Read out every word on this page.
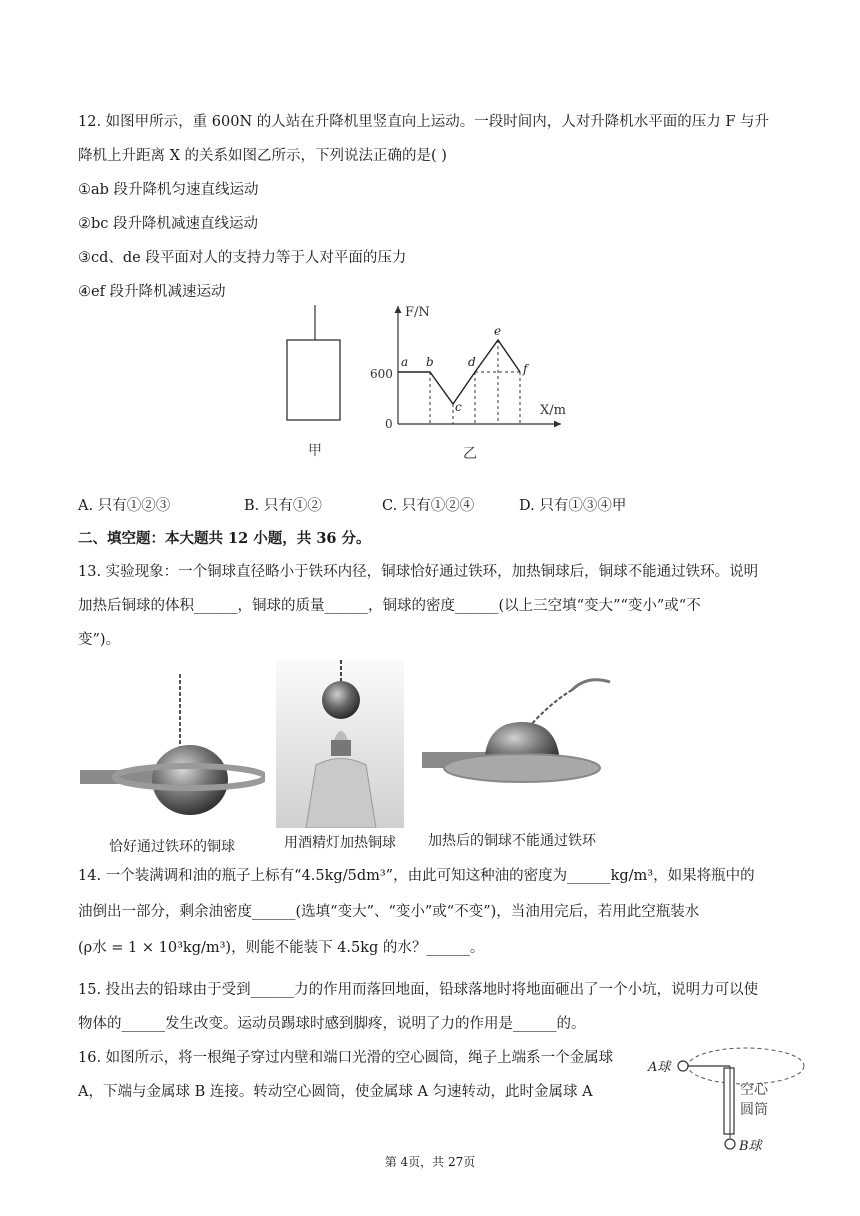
12. 如图甲所示，重 600N 的人站在升降机里竖直向上运动。一段时间内，人对升降机水平面的压力 F 与升
降机上升距离 X 的关系如图乙所示，下列说法正确的是( )
①ab 段升降机匀速直线运动
②bc 段升降机减速直线运动
③cd、de 段平面对人的支持力等于人对平面的压力
④ef 段升降机减速运动
甲
F/N
X/m
600
0
a b
c
d
e
f
乙
A. 只有①②③	B. 只有①②	C. 只有①②④	D. 只有①③④甲
二、填空题：本大题共 12 小题，共 36 分。
13. 实验现象：一个铜球直径略小于铁环内径，铜球恰好通过铁环，加热铜球后，铜球不能通过铁环。说明
加热后铜球的体积______，铜球的质量______，铜球的密度______(以上三空填“变大”“变小”或“不
变”)。
恰好通过铁环的铜球	用酒精灯加热铜球 加热后的铜球不能通过铁环
14. 一个装满调和油的瓶子上标有“4.5kg/5dm³”，由此可知这种油的密度为______kg/m³，如果将瓶中的
油倒出一部分，剩余油密度______(选填“变大”、“变小”或“不变”)，当油用完后，若用此空瓶装水
(ρ水 = 1 × 10³kg/m³)，则能不能装下 4.5kg 的水？______。
15. 投出去的铅球由于受到______力的作用而落回地面，铅球落地时将地面砸出了一个小坑，说明力可以使
物体的______发生改变。运动员踢球时感到脚疼，说明了力的作用是______的。
16. 如图所示，将一根绳子穿过内壁和端口光滑的空心圆筒，绳子上端系一个金属球
A，下端与金属球 B 连接。转动空心圆筒，使金属球 A 匀速转动，此时金属球 A
A球
空心
圆筒
B球
第 4页，共 27页
